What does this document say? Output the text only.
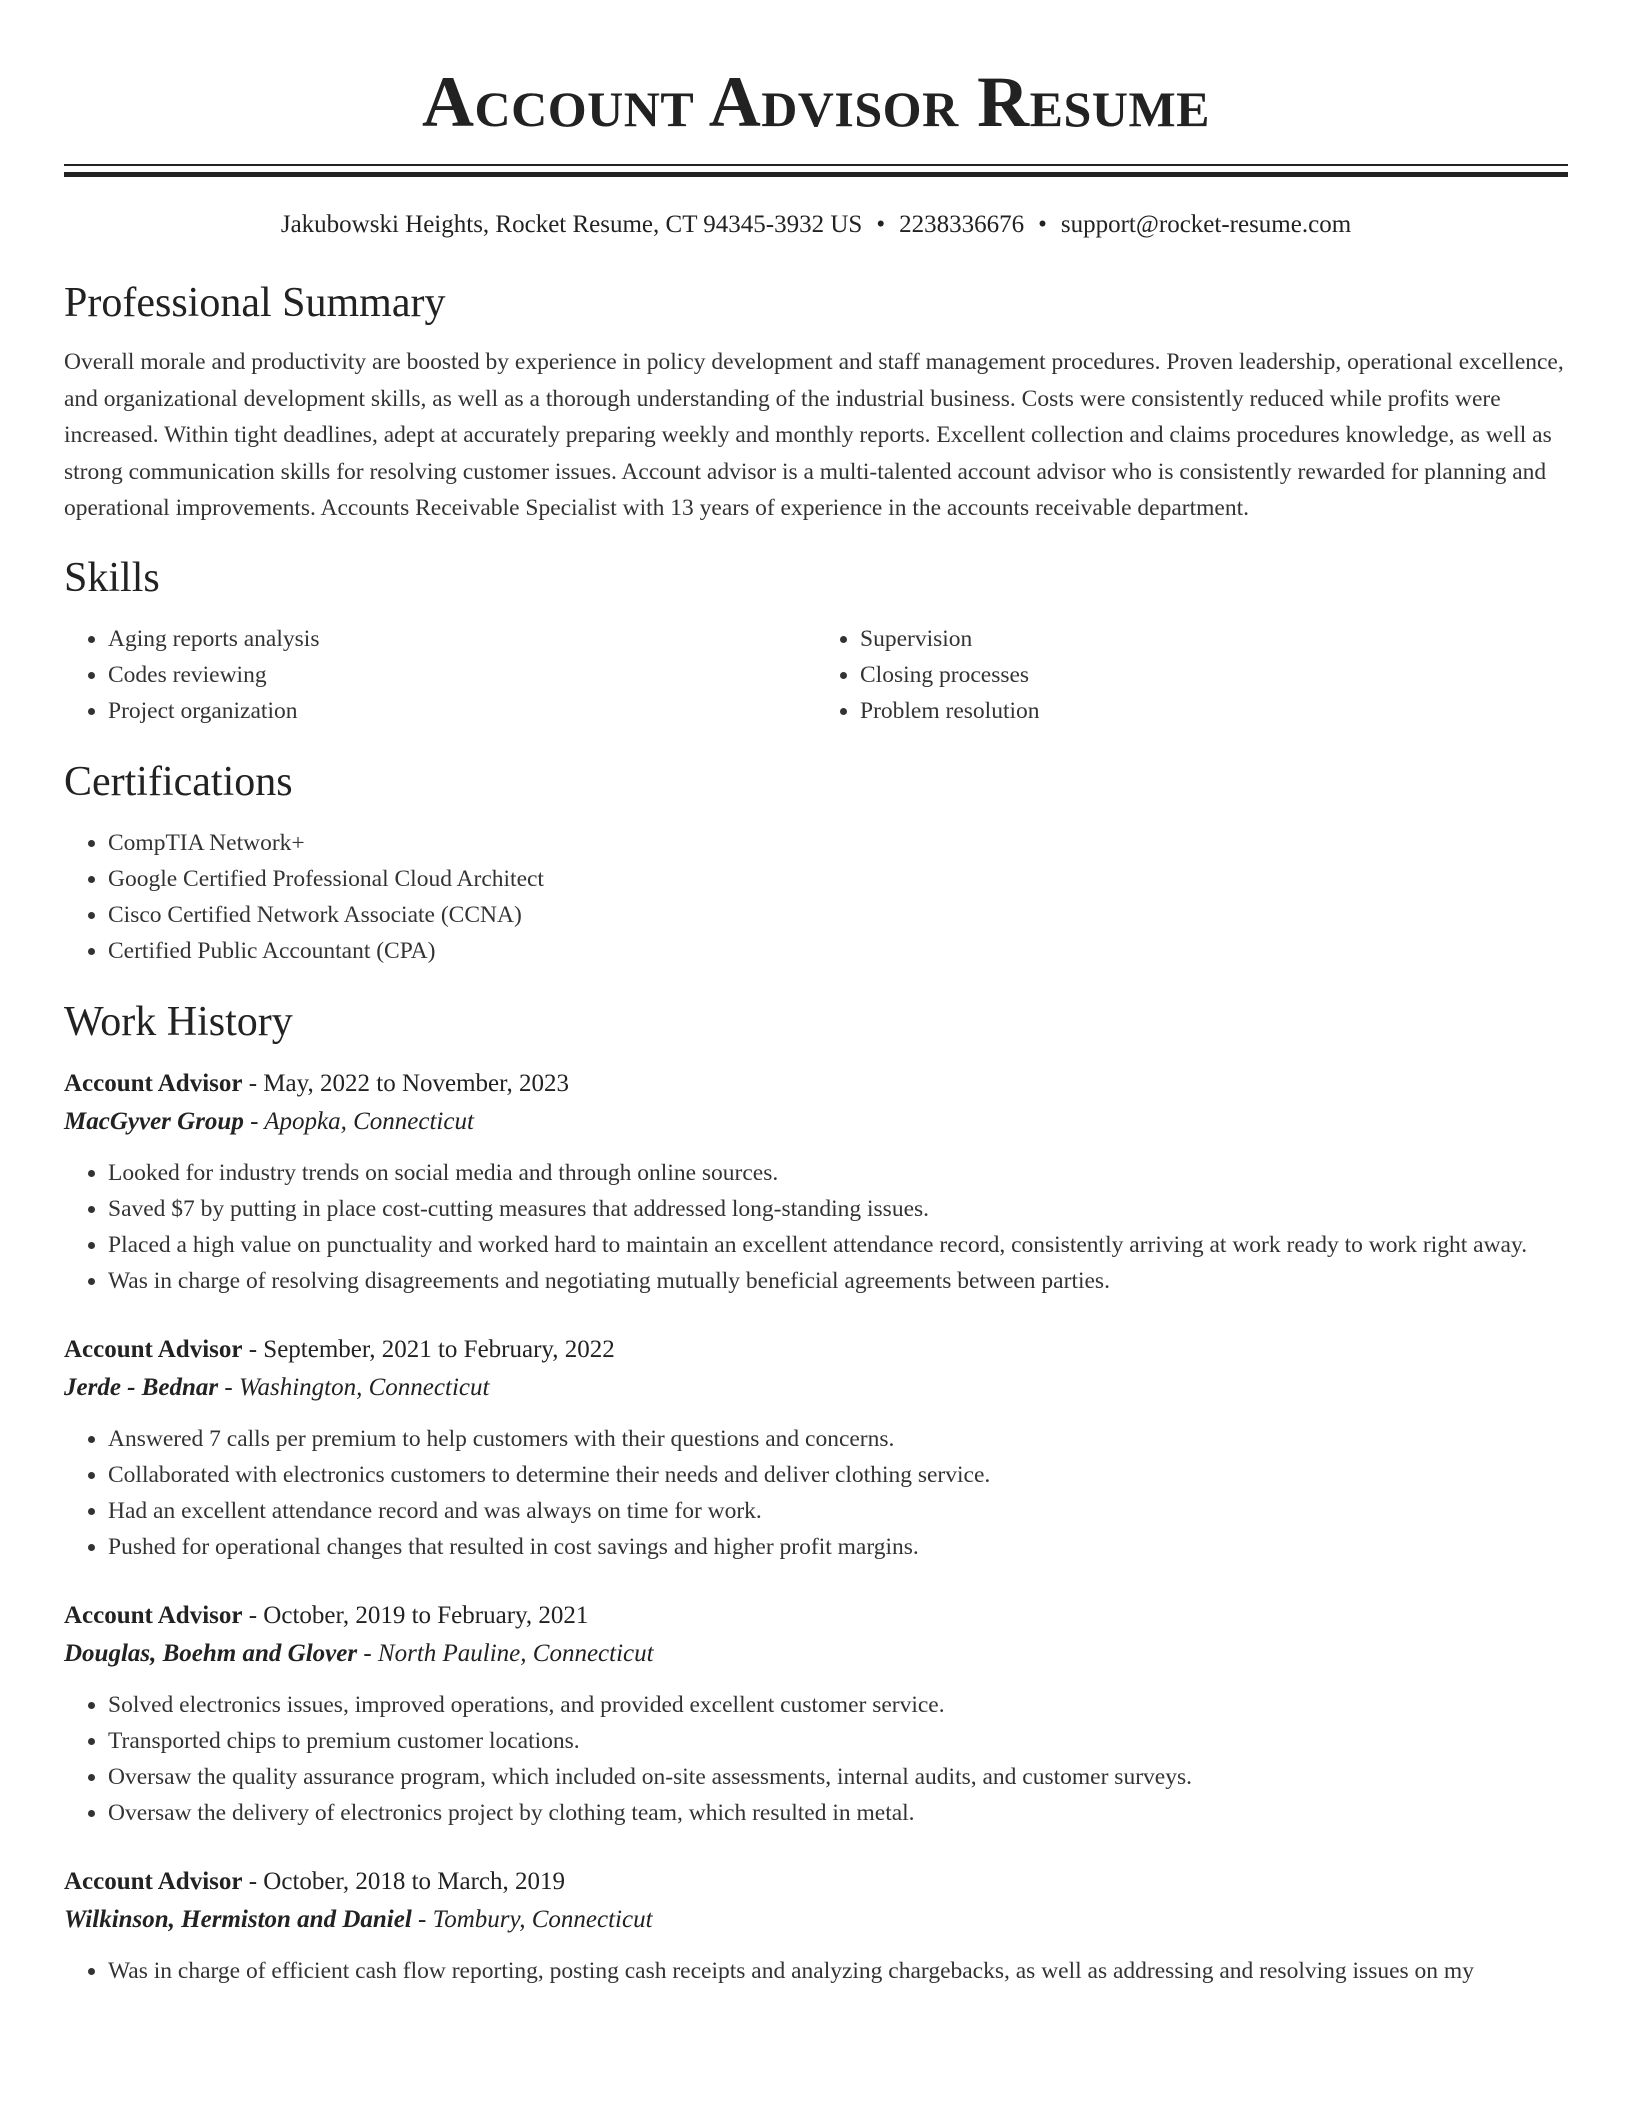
Account Advisor Resume
Jakubowski Heights, Rocket Resume, CT 94345-3932 US • 2238336676 • support@rocket-resume.com
Professional Summary

Overall morale and productivity are boosted by experience in policy development and staff management procedures. Proven leadership, operational excellence, and organizational development skills, as well as a thorough understanding of the industrial business. Costs were consistently reduced while profits were increased. Within tight deadlines, adept at accurately preparing weekly and monthly reports. Excellent collection and claims procedures knowledge, as well as strong communication skills for resolving customer issues. Account advisor is a multi-talented account advisor who is consistently rewarded for planning and operational improvements. Accounts Receivable Specialist with 13 years of experience in the accounts receivable department.

Skills
• Aging reports analysis
• Codes reviewing
• Project organization
• Supervision
• Closing processes
• Problem resolution
Certifications
• CompTIA Network+
• Google Certified Professional Cloud Architect
• Cisco Certified Network Associate (CCNA)
• Certified Public Accountant (CPA)
Work History
Account Advisor - May, 2022 to November, 2023
MacGyver Group - Apopka, Connecticut
• Looked for industry trends on social media and through online sources.
• Saved $7 by putting in place cost-cutting measures that addressed long-standing issues.
• Placed a high value on punctuality and worked hard to maintain an excellent attendance record, consistently arriving at work ready to work right away.
• Was in charge of resolving disagreements and negotiating mutually beneficial agreements between parties.
Account Advisor - September, 2021 to February, 2022
Jerde - Bednar - Washington, Connecticut
• Answered 7 calls per premium to help customers with their questions and concerns.
• Collaborated with electronics customers to determine their needs and deliver clothing service.
• Had an excellent attendance record and was always on time for work.
• Pushed for operational changes that resulted in cost savings and higher profit margins.
Account Advisor - October, 2019 to February, 2021
Douglas, Boehm and Glover - North Pauline, Connecticut
• Solved electronics issues, improved operations, and provided excellent customer service.
• Transported chips to premium customer locations.
• Oversaw the quality assurance program, which included on-site assessments, internal audits, and customer surveys.
• Oversaw the delivery of electronics project by clothing team, which resulted in metal.
Account Advisor - October, 2018 to March, 2019
Wilkinson, Hermiston and Daniel - Tombury, Connecticut
• Was in charge of efficient cash flow reporting, posting cash receipts and analyzing chargebacks, as well as addressing and resolving issues on my
